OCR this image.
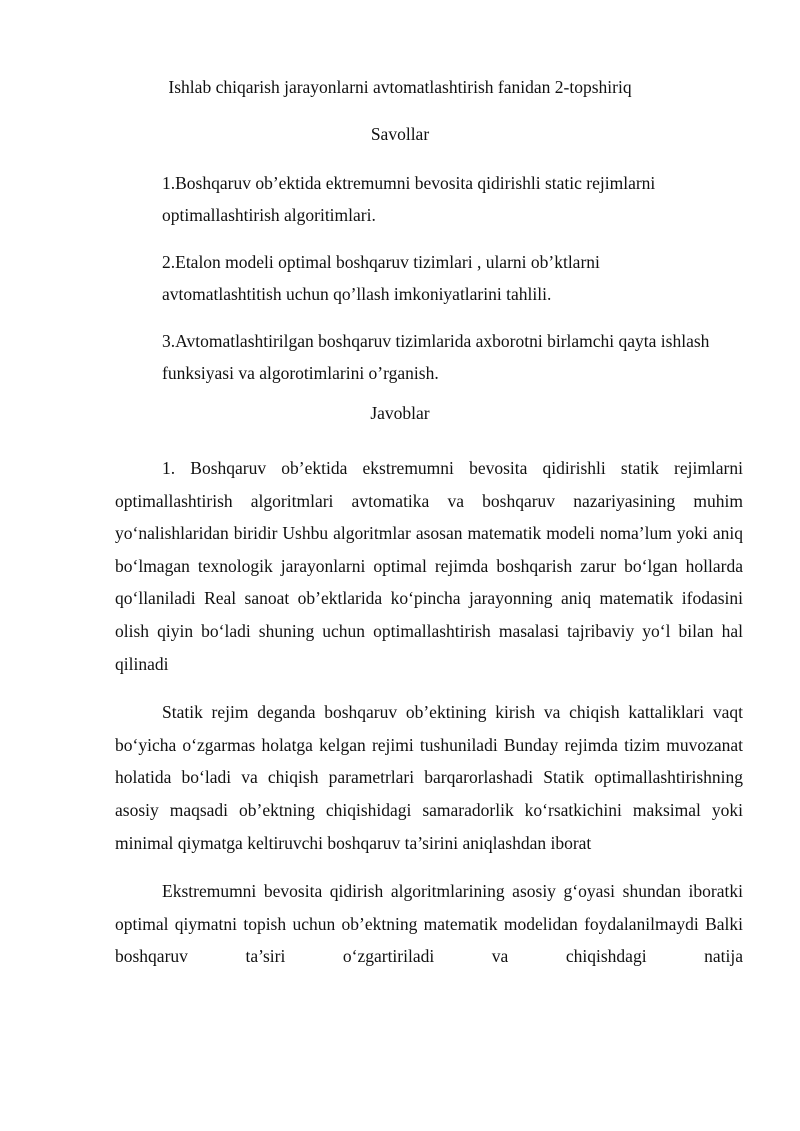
Ishlab chiqarish jarayonlarni avtomatlashtirish fanidan 2-topshiriq

Savollar

1.Boshqaruv ob’ektida ektremumni bevosita qidirishli static rejimlarni optimallashtirish algoritimlari.

2.Etalon modeli optimal boshqaruv tizimlari , ularni ob’ktlarni avtomatlashtitish uchun qo’llash imkoniyatlarini tahlili.

3.Avtomatlashtirilgan boshqaruv tizimlarida axborotni birlamchi qayta ishlash funksiyasi va algorotimlarini o’rganish.

Javoblar

1. Boshqaruv ob’ektida ekstremumni bevosita qidirishli statik rejimlarni optimallashtirish algoritmlari avtomatika va boshqaruv nazariyasining muhim yo‘nalishlaridan biridir Ushbu algoritmlar asosan matematik modeli noma’lum yoki aniq bo‘lmagan texnologik jarayonlarni optimal rejimda boshqarish zarur bo‘lgan hollarda qo‘llaniladi Real sanoat ob’ektlarida ko‘pincha jarayonning aniq matematik ifodasini olish qiyin bo‘ladi shuning uchun optimallashtirish masalasi tajribaviy yo‘l bilan hal qilinadi

Statik rejim deganda boshqaruv ob’ektining kirish va chiqish kattaliklari vaqt bo‘yicha o‘zgarmas holatga kelgan rejimi tushuniladi Bunday rejimda tizim muvozanat holatida bo‘ladi va chiqish parametrlari barqarorlashadi Statik optimallashtirishning asosiy maqsadi ob’ektning chiqishidagi samaradorlik ko‘rsatkichini maksimal yoki minimal qiymatga keltiruvchi boshqaruv ta’sirini aniqlashdan iborat

Ekstremumni bevosita qidirish algoritmlarining asosiy g‘oyasi shundan iboratki optimal qiymatni topish uchun ob’ektning matematik modelidan foydalanilmaydi Balki boshqaruv ta’siri o‘zgartiriladi va chiqishdagi natija
